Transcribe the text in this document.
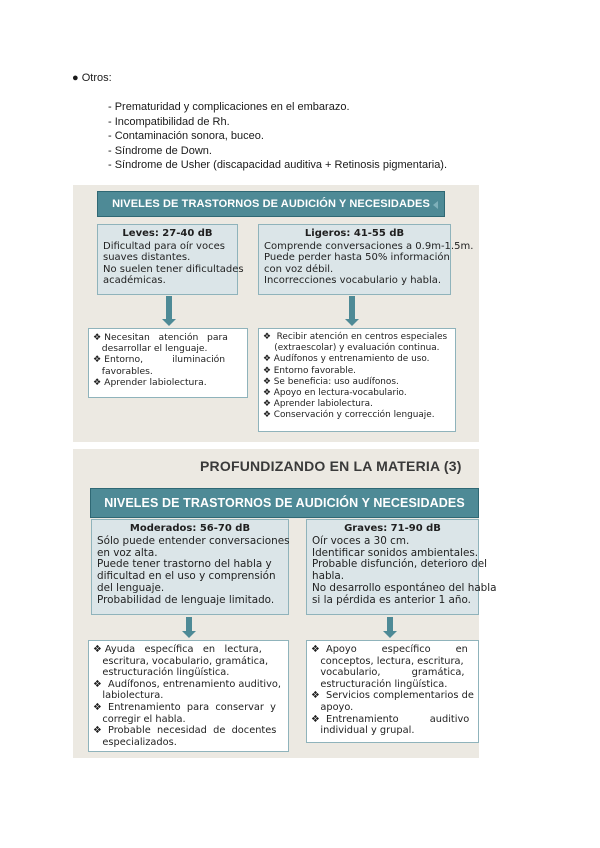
● Otros:
- Prematuridad y complicaciones en el embarazo.
- Incompatibilidad de Rh.
- Contaminación sonora, buceo.
- Síndrome de Down.
- Síndrome de Usher (discapacidad auditiva + Retinosis pigmentaria).
NIVELES DE TRASTORNOS DE AUDICIÓN Y NECESIDADES
Leves: 27-40 dB
Dificultad para oír voces
suaves distantes.
No suelen tener dificultades
académicas.
Ligeros: 41-55 dB
Comprende conversaciones a 0.9m-1.5m.
Puede perder hasta 50% información
con voz débil.
Incorrecciones vocabulario y habla.
❖ Necesitan   atención   para
desarrollar el lenguaje.
❖ Entorno,          iluminación
favorables.
❖ Aprender labiolectura.
❖  Recibir atención en centros especiales
(extraescolar) y evaluación continua.
❖ Audífonos y entrenamiento de uso.
❖ Entorno favorable.
❖ Se beneficia: uso audífonos.
❖ Apoyo en lectura-vocabulario.
❖ Aprender labiolectura.
❖ Conservación y corrección lenguaje.
PROFUNDIZANDO EN LA MATERIA (3)
NIVELES DE TRASTORNOS DE AUDICIÓN Y NECESIDADES
Moderados: 56-70 dB
Sólo puede entender conversaciones
en voz alta.
Puede tener trastorno del habla y
dificultad en el uso y comprensión
del lenguaje.
Probabilidad de lenguaje limitado.
Graves: 71-90 dB
Oír voces a 30 cm.
Identificar sonidos ambientales.
Probable disfunción, deterioro del
habla.
No desarrollo espontáneo del habla
si la pérdida es anterior 1 año.
❖ Ayuda   específica   en   lectura,
escritura, vocabulario, gramática,
estructuración lingüística.
❖  Audífonos, entrenamiento auditivo,
labiolectura.
❖  Entrenamiento  para  conservar  y
corregir el habla.
❖  Probable  necesidad  de  docentes
especializados.
❖  Apoyo        específico        en
conceptos, lectura, escritura,
vocabulario,          gramática,
estructuración lingüística.
❖  Servicios complementarios de
apoyo.
❖  Entrenamiento          auditivo
individual y grupal.
